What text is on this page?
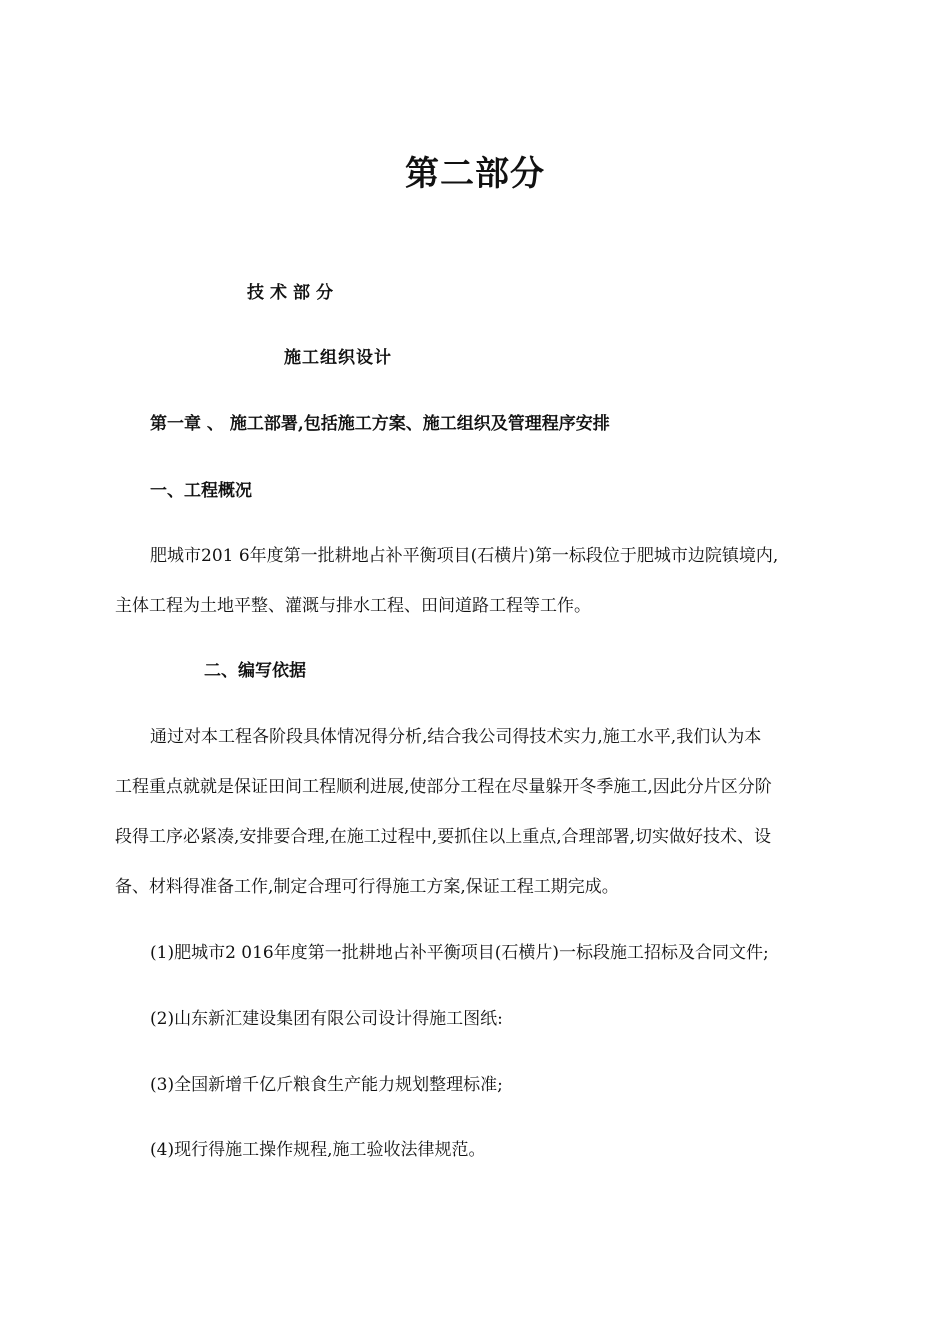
第二部分
技术部分
施工组织设计
第一章 、 施工部署,包括施工方案、施工组织及管理程序安排
一、工程概况
肥城市201 6年度第一批耕地占补平衡项目(石横片)第一标段位于肥城市边院镇境内,
主体工程为土地平整、灌溉与排水工程、田间道路工程等工作。
二、编写依据
通过对本工程各阶段具体情况得分析,结合我公司得技术实力,施工水平,我们认为本
工程重点就就是保证田间工程顺利进展,使部分工程在尽量躲开冬季施工,因此分片区分阶
段得工序必紧凑,安排要合理,在施工过程中,要抓住以上重点,合理部署,切实做好技术、设
备、材料得准备工作,制定合理可行得施工方案,保证工程工期完成。
(1)肥城市2 016年度第一批耕地占补平衡项目(石横片)一标段施工招标及合同文件;
(2)山东新汇建设集团有限公司设计得施工图纸:
(3)全国新增千亿斤粮食生产能力规划整理标准;
(4)现行得施工操作规程,施工验收法律规范。
